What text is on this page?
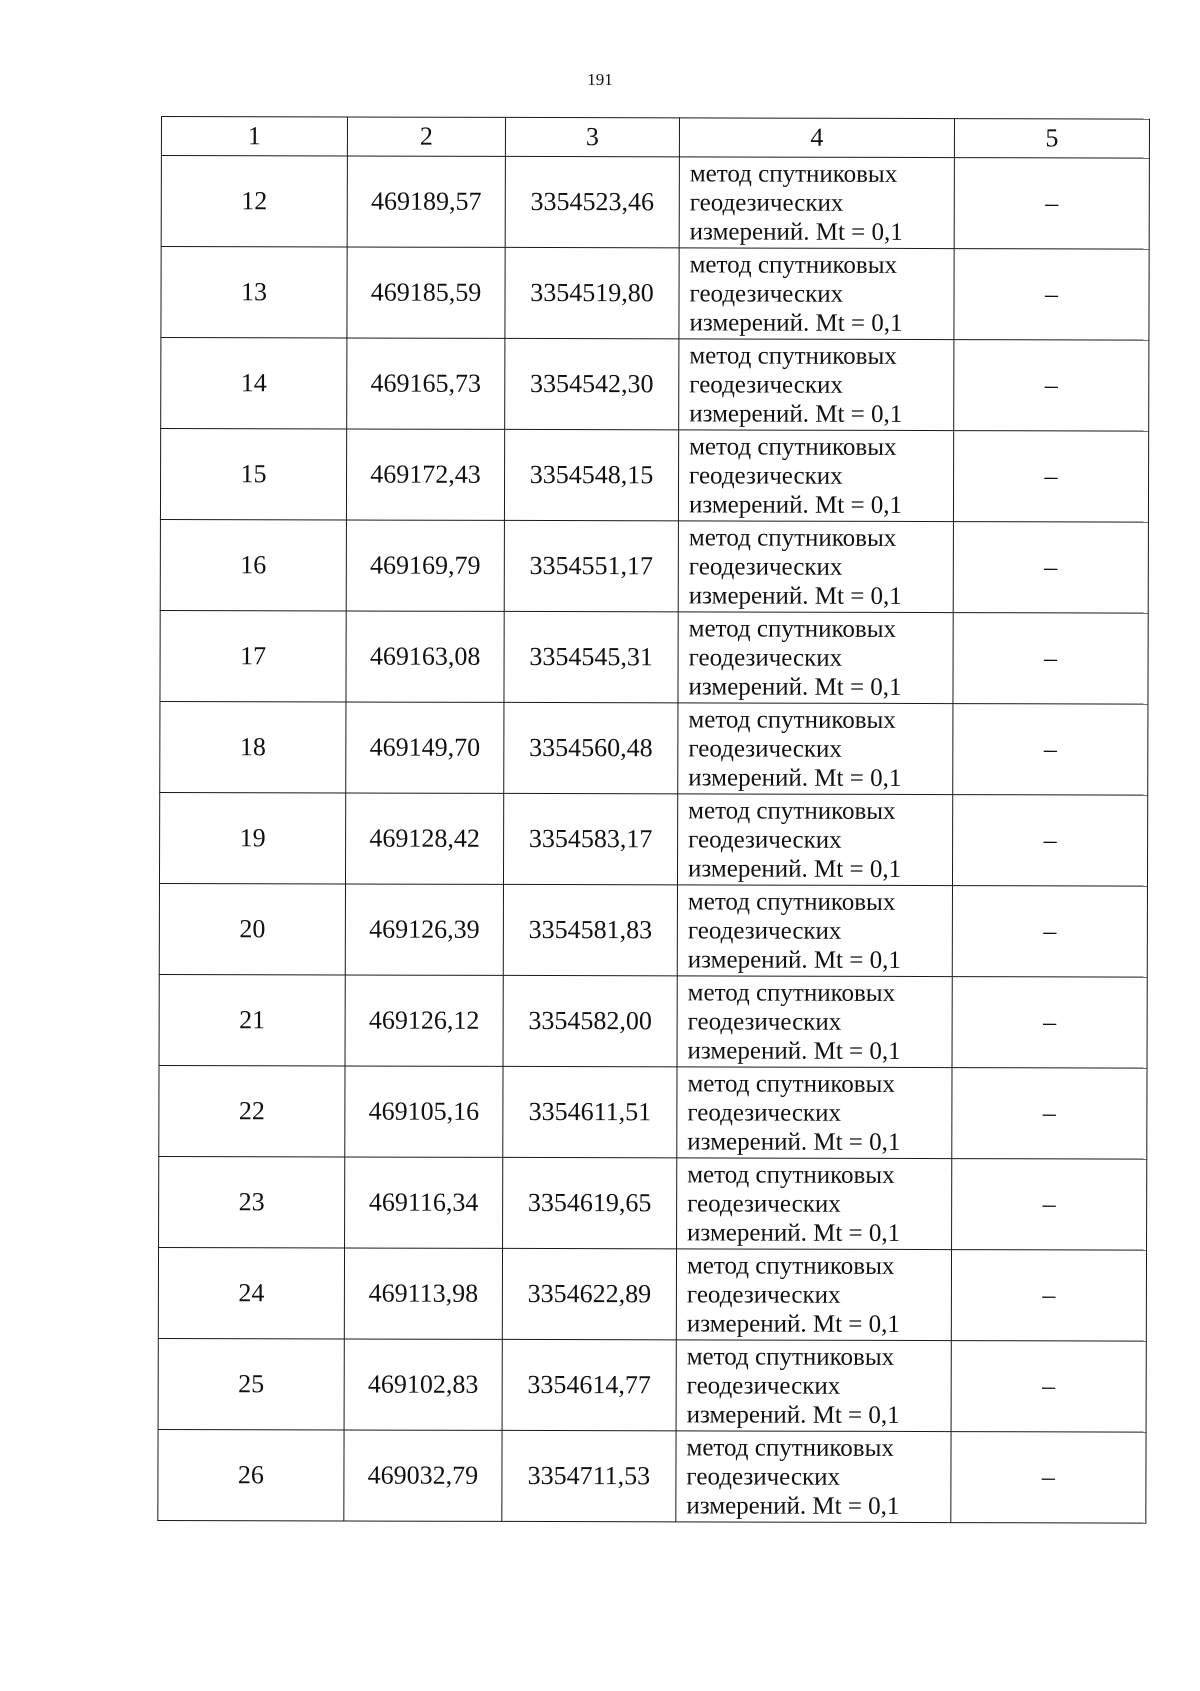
191
1	2	3	4	5
12	469189,57	3354523,46	метод спутниковых
геодезических
измерений. Mt = 0,1	–
13	469185,59	3354519,80	метод спутниковых
геодезических
измерений. Mt = 0,1	–
14	469165,73	3354542,30	метод спутниковых
геодезических
измерений. Mt = 0,1	–
15	469172,43	3354548,15	метод спутниковых
геодезических
измерений. Mt = 0,1	–
16	469169,79	3354551,17	метод спутниковых
геодезических
измерений. Mt = 0,1	–
17	469163,08	3354545,31	метод спутниковых
геодезических
измерений. Mt = 0,1	–
18	469149,70	3354560,48	метод спутниковых
геодезических
измерений. Mt = 0,1	–
19	469128,42	3354583,17	метод спутниковых
геодезических
измерений. Mt = 0,1	–
20	469126,39	3354581,83	метод спутниковых
геодезических
измерений. Mt = 0,1	–
21	469126,12	3354582,00	метод спутниковых
геодезических
измерений. Mt = 0,1	–
22	469105,16	3354611,51	метод спутниковых
геодезических
измерений. Mt = 0,1	–
23	469116,34	3354619,65	метод спутниковых
геодезических
измерений. Mt = 0,1	–
24	469113,98	3354622,89	метод спутниковых
геодезических
измерений. Mt = 0,1	–
25	469102,83	3354614,77	метод спутниковых
геодезических
измерений. Mt = 0,1	–
26	469032,79	3354711,53	метод спутниковых
геодезических
измерений. Mt = 0,1	–
